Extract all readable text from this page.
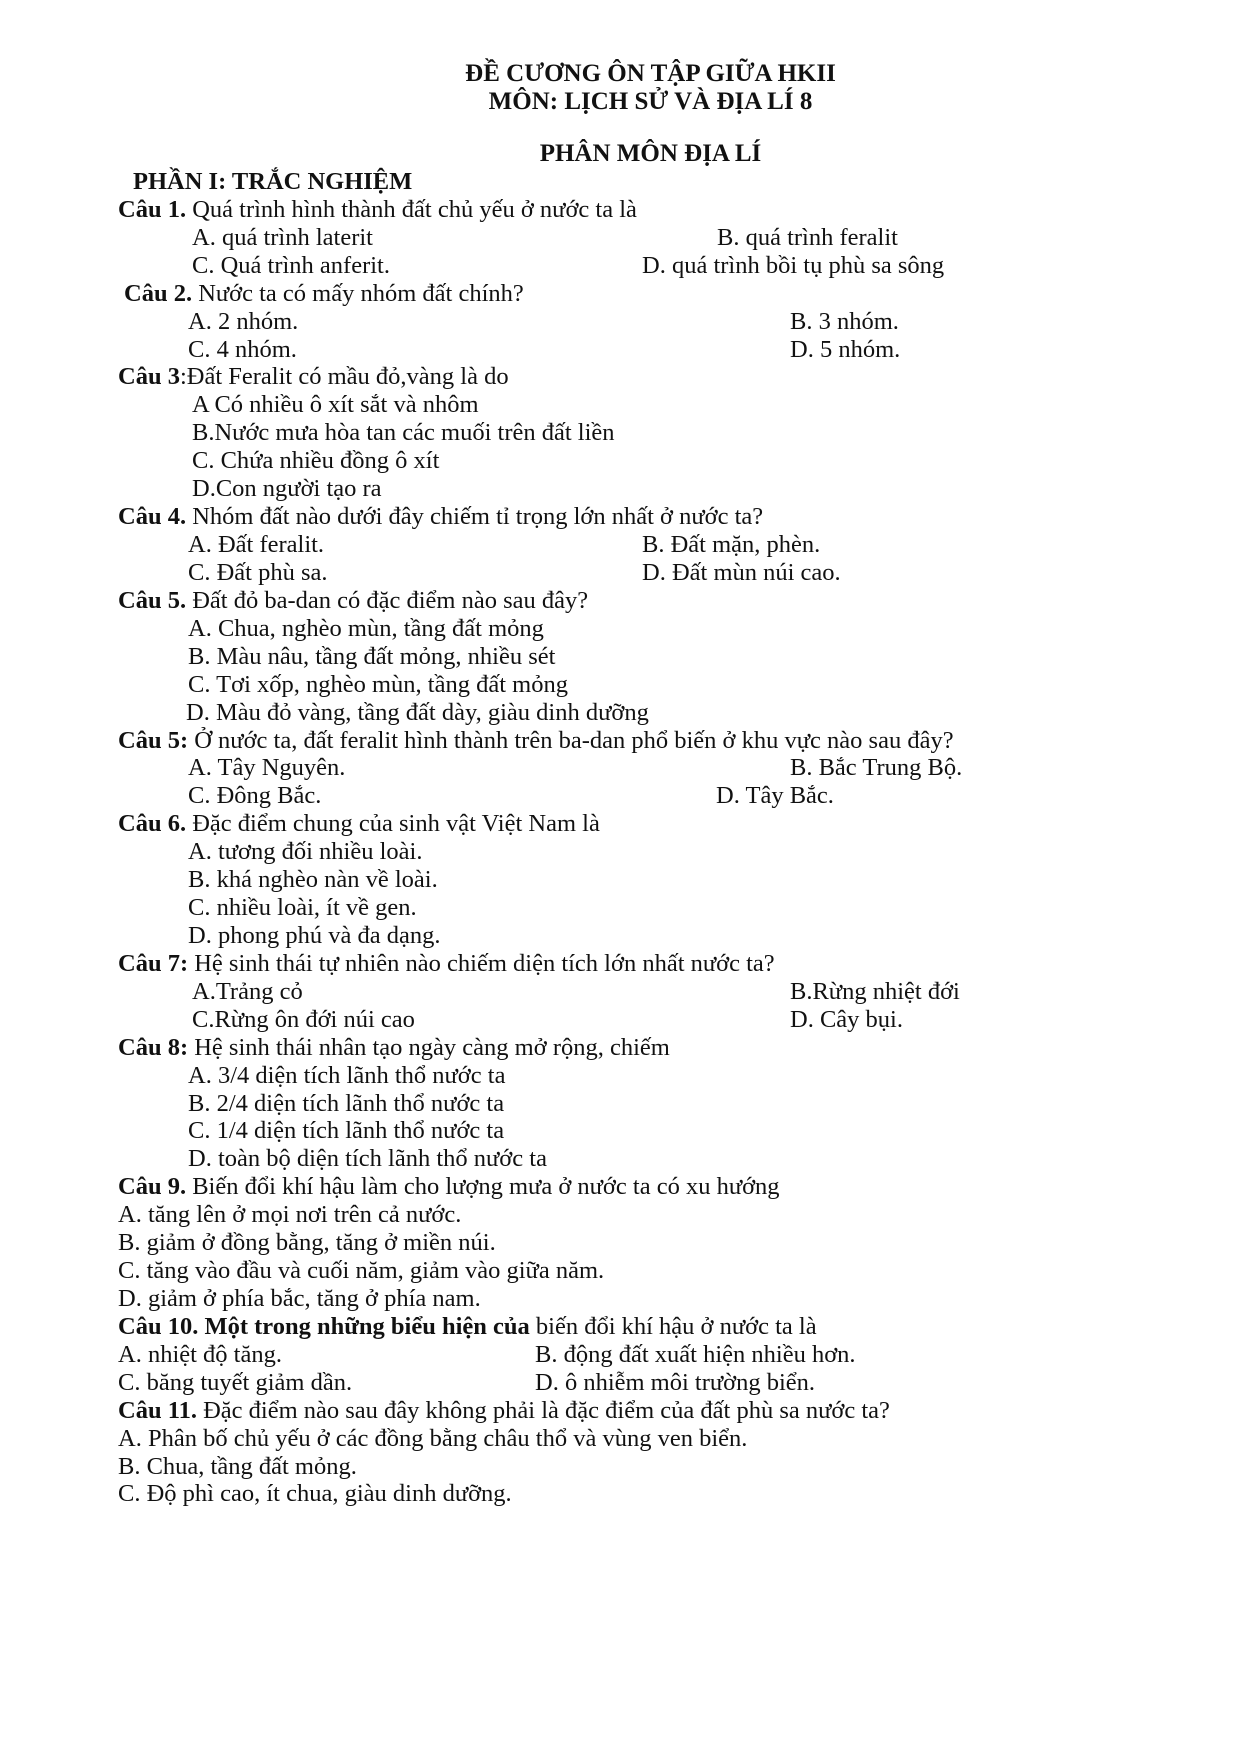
ĐỀ CƯƠNG ÔN TẬP GIỮA HKII
MÔN: LỊCH SỬ VÀ ĐỊA LÍ 8
PHÂN MÔN ĐỊA LÍ
PHẦN I: TRẮC NGHIỆM
Câu 1. Quá trình hình thành đất chủ yếu ở nước ta là
A. quá trình laterit	B. quá trình feralit
C. Quá trình anferit.	D. quá trình bồi tụ phù sa sông
Câu 2. Nước ta có mấy nhóm đất chính?
A. 2 nhóm.	B. 3 nhóm.
C. 4 nhóm.	D. 5 nhóm.
Câu 3:Đất Feralit có mầu đỏ,vàng là do
A Có nhiều ô xít sắt và nhôm
B.Nước mưa hòa tan các muối trên đất liền
C. Chứa nhiều đồng ô xít
D.Con người tạo ra
Câu 4. Nhóm đất nào dưới đây chiếm tỉ trọng lớn nhất ở nước ta?
A. Đất feralit.	B. Đất mặn, phèn.
C. Đất phù sa.	D. Đất mùn núi cao.
Câu 5. Đất đỏ ba-dan có đặc điểm nào sau đây?
A. Chua, nghèo mùn, tầng đất mỏng
B. Màu nâu, tầng đất mỏng, nhiều sét
C. Tơi xốp, nghèo mùn, tầng đất mỏng
D. Màu đỏ vàng, tầng đất dày, giàu dinh dưỡng
Câu 5: Ở nước ta, đất feralit hình thành trên ba-dan phổ biến ở khu vực nào sau đây?
A. Tây Nguyên.	B. Bắc Trung Bộ.
C. Đông Bắc.	D. Tây Bắc.
Câu 6. Đặc điểm chung của sinh vật Việt Nam là
A. tương đối nhiều loài.
B. khá nghèo nàn về loài.
C. nhiều loài, ít về gen.
D. phong phú và đa dạng.
Câu 7: Hệ sinh thái tự nhiên nào chiếm diện tích lớn nhất nước ta?
A.Trảng cỏ	B.Rừng nhiệt đới
C.Rừng ôn đới núi cao	D. Cây bụi.
Câu 8: Hệ sinh thái nhân tạo ngày càng mở rộng, chiếm
A. 3/4 diện tích lãnh thổ nước ta
B. 2/4 diện tích lãnh thổ nước ta
C. 1/4 diện tích lãnh thổ nước ta
D. toàn bộ diện tích lãnh thổ nước ta
Câu 9. Biến đổi khí hậu làm cho lượng mưa ở nước ta có xu hướng
A. tăng lên ở mọi nơi trên cả nước.
B. giảm ở đồng bằng, tăng ở miền núi.
C. tăng vào đầu và cuối năm, giảm vào giữa năm.
D. giảm ở phía bắc, tăng ở phía nam.
Câu 10. Một trong những biểu hiện của biến đổi khí hậu ở nước ta là
A. nhiệt độ tăng.	B. động đất xuất hiện nhiều hơn.
C. băng tuyết giảm dần.	D. ô nhiễm môi trường biển.
Câu 11. Đặc điểm nào sau đây không phải là đặc điểm của đất phù sa nước ta?
A. Phân bố chủ yếu ở các đồng bằng châu thổ và vùng ven biển.
B. Chua, tầng đất mỏng.
C. Độ phì cao, ít chua, giàu dinh dưỡng.
